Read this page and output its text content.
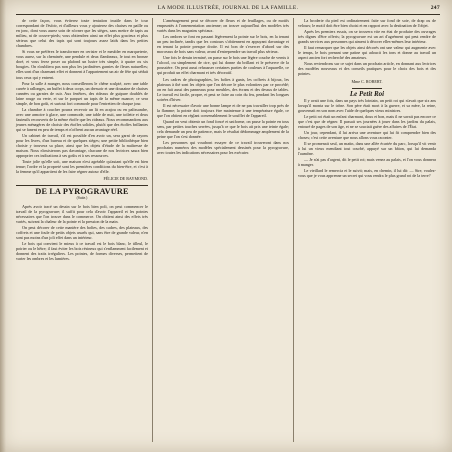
LA MODE ILLUSTRÉE, JOURNAL DE LA FAMILLE.	247

de cette façon, vous éviterez toute tentation inutile dans le tour correspondant de l'ésfoir, et d'ailleurs vous y ajouterez des chaises en paille ou en jonc, dont vous aurez soin de n'orner que les sièges, sans mettre de tapis au milieu, ni de couvre-pieds; vous obtiendrez ainsi un effet plus gracieux et plus sérieux que celui des tapis qui sont toujours assez laids dans les petites chambres.

Si vous ne préférez le transformer en cerisier et le meubler en marqueterie, vous aurez, sur la cheminée, une pendule et deux flambeaux, le tout en bronze doré, et vous ferez poser au plafond un lustre très simple, à quatre ou six bougies. On n'oubliera pas non plus les jardinières garnies de fleurs naturelles; elles sont d'un charmant effet et donnent à l'appartement un air de fête qui séduit tous ceux qui y entrent.

Pour la salle à manger, nous conseillerons le chêne sculpté, avec une table carrée à rallonges, un buffet à deux corps, un dressoir et une douzaine de chaises cannées ou garnies de cuir. Aux fenêtres, des rideaux de guipure doublés de laine rouge ou verte, et sur le parquet un tapis de la même nuance; ce sera simple, de bon goût, et surtout fort commode pour l'entretien de chaque jour.

La chambre à coucher pourra recevoir un lit en acajou ou en palissandre, avec une armoire à glace, une commode, une table de nuit, une toilette et deux fauteuils recouverts de la même étoffe que les rideaux. Nous recommandons aux jeunes ménagères de choisir des étoffes solides, plutôt que des étoffes brillantes qui se fanent en peu de temps et n'offrent aucun avantage réel.

Un cabinet de travail, s'il est possible d'en avoir un, sera garni de rayons pour les livres, d'un bureau et de quelques sièges; une petite bibliothèque bien choisie y trouvera sa place, ainsi que les objets d'étude de la maîtresse de maison. Nous n'insisterons pas davantage, chacune de nos lectrices saura bien approprier ces indications à ses goûts et à ses ressources.

Toute jolie qu'elle soit, une maison n'est agréable qu'autant qu'elle est bien tenue; l'ordre et la propreté sont les premières conditions du bien-être, et c'est à la femme qu'il appartient de les faire régner autour d'elle.

FÉLICIE DE RAYMOND.
DE LA PYROGRAVURE
(Suite.)

Après avoir tracé un dessin sur le bois bien poli, on peut commencer le travail de la pyrogravure; il suffit pour cela d'avoir l'appareil et les pointes nécessaires que l'on trouve dans le commerce. On obtient ainsi des effets très variés, suivant la chaleur de la pointe et la pression de la main.

On peut décorer de cette manière des boîtes, des cadres, des plateaux, des coffrets et une foule de petits objets usuels qui, sans être de grande valeur, n'en sont pas moins d'un joli effet dans un intérieur.

Le bois qui convient le mieux à ce travail est le bois blanc, le tilleul, le poirier ou le hêtre; il faut éviter les bois résineux qui s'enflamment facilement et donnent des traits irréguliers. Les pointes, de formes diverses, permettent de varier les ombres et les lumières.

L'aménagement peut se décorer de fleurs et de feuillages, ou de motifs empruntés à l'ornementation ancienne; on trouve aujourd'hui des modèles très variés dans les magasins spéciaux.

Les ombres se font en passant légèrement la pointe sur le bois, en la tenant un peu inclinée, tandis que les contours s'obtiennent en appuyant davantage et en tenant la pointe presque droite. Il est bon de s'exercer d'abord sur des morceaux de bois sans valeur, avant d'entreprendre un travail plus sérieux.

Une fois le dessin terminé, on passe sur le bois une légère couche de vernis à l'alcool, ou simplement de cire, qui lui donne du brillant et le préserve de la poussière. On peut aussi rehausser certaines parties de couleurs à l'aquarelle, ce qui produit un effet charmant et très décoratif.

Les cadres de photographies, les boîtes à gants, les coffrets à bijoux, les plateaux à thé sont les objets que l'on décore le plus volontiers par ce procédé; on en fait aussi des panneaux pour meubles, des écrans et des dessus de tables. Le travail est facile, propre, et peut se faire au coin du feu, pendant les longues soirées d'hiver.

Il est nécessaire d'avoir une bonne lampe et de ne pas travailler trop près de la flamme; la pointe doit toujours être maintenue à une température égale, ce que l'on obtient en réglant convenablement le soufflet de l'appareil.

Quand on veut obtenir un fond foncé et uniforme, on passe la pointe en tous sens, par petites touches serrées, jusqu'à ce que le bois ait pris une teinte égale; cela demande un peu de patience, mais le résultat dédommage amplement de la peine que l'on s'est donnée.

Les personnes qui voudront essayer de ce travail trouveront dans nos prochains numéros des modèles spécialement dessinés pour la pyrogravure, avec toutes les indications nécessaires pour les exécuter.

La broderie du pied est ordinairement faite sur fond de soie, de drap ou de velours; le motif doit être bien choisi et en rapport avec la destination de l'objet.

Après les premiers essais, on se trouvera vite en état de produire des ouvrages très dignes d'être offerts; la pyrogravure est un art d'agrément qui peut rendre de grands services aux personnes qui aiment à décorer elles-mêmes leur intérieur.

Il faut remarquer que les objets ainsi décorés ont une valeur qui augmente avec le temps, le bois prenant une patine qui adoucit les tons et donne au travail un aspect ancien fort recherché des amateurs.

Nous reviendrons sur ce sujet dans un prochain article, en donnant aux lectrices des modèles nouveaux et des conseils pratiques pour le choix des bois et des pointes.

Mme C. ROBERT.
Le Petit Roi

Il y avait une fois, dans un pays très lointain, un petit roi qui n'avait que six ans lorsqu'il monta sur le trône. Son père était mort à la guerre, et sa mère, la reine, gouvernait en son nom avec l'aide de quelques vieux ministres.

Le petit roi était un enfant charmant, doux et bon, mais il ne savait pas encore ce que c'est que de régner. Il passait ses journées à jouer dans les jardins du palais, entouré de pages de son âge, et ne se souciait guère des affaires de l'État.

Un jour, cependant, il lui arriva une aventure qui lui fit comprendre bien des choses; c'est cette aventure que nous allons vous raconter.

Il se promenait seul, un matin, dans une allée écartée du parc, lorsqu'il vit venir à lui un vieux mendiant tout courbé, appuyé sur un bâton, qui lui demanda l'aumône.

— Je n'ai pas d'argent, dit le petit roi; mais venez au palais, et l'on vous donnera à manger.

Le vieillard le remercia et le suivit; mais, en chemin, il lui dit: — Sire, voulez-vous que je vous apprenne un secret qui vous rendra le plus grand roi de la terre?
